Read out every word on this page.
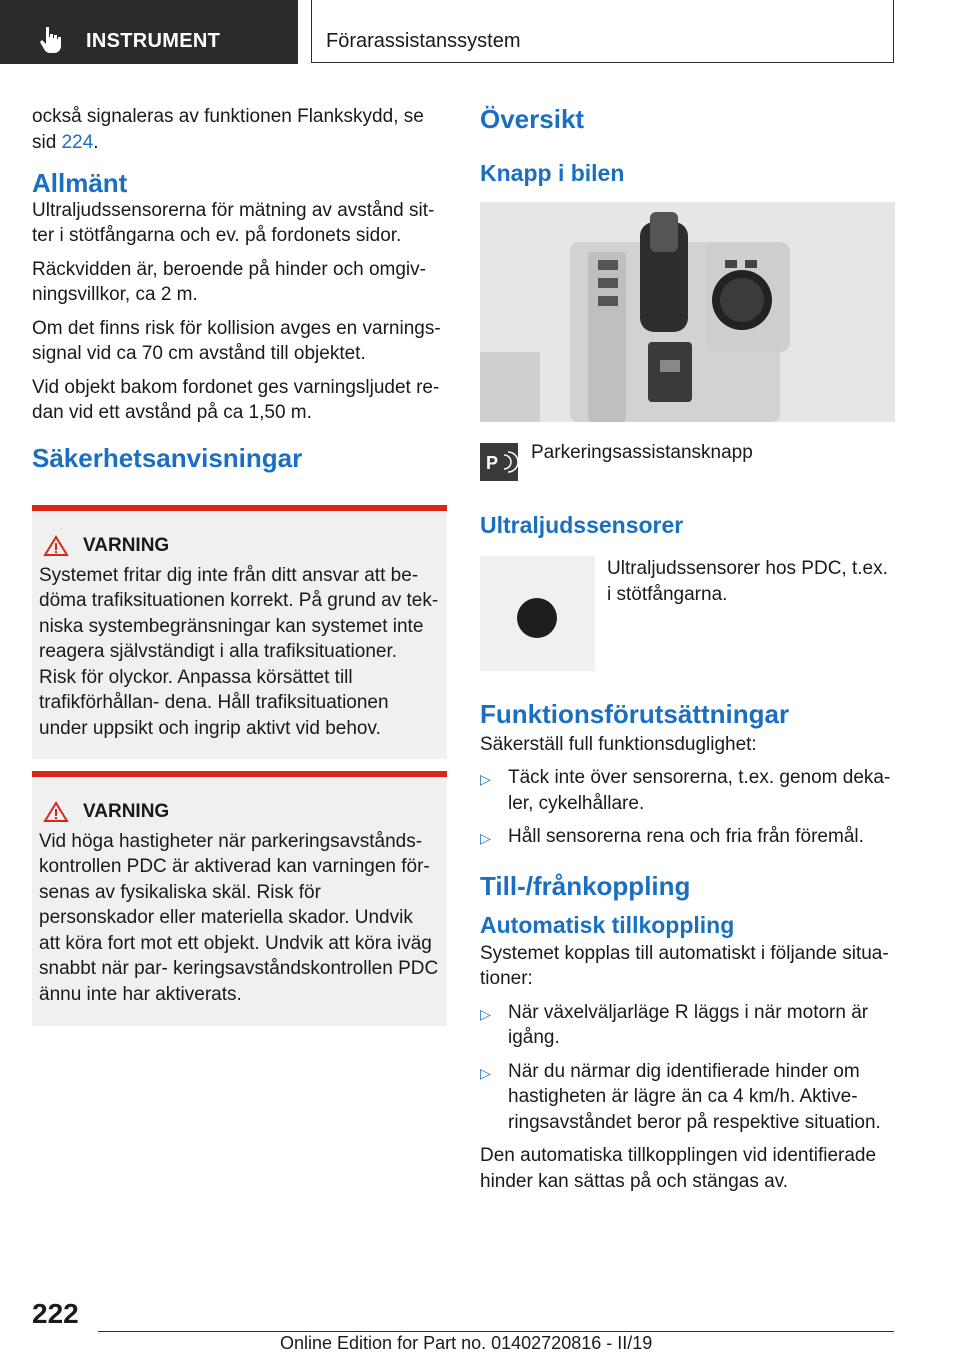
INSTRUMENT	Förarassistanssystem

också signaleras av funktionen Flankskydd, se sid 224.

Allmänt

Ultraljudssensorerna för mätning av avstånd sit- ter i stötfångarna och ev. på fordonets sidor.

Räckvidden är, beroende på hinder och omgiv- ningsvillkor, ca 2 m.

Om det finns risk för kollision avges en varnings- signal vid ca 70 cm avstånd till objektet.

Vid objekt bakom fordonet ges varningsljudet re- dan vid ett avstånd på ca 1,50 m.

Säkerhetsanvisningar

VARNING

Systemet fritar dig inte från ditt ansvar att be- döma trafiksituationen korrekt. På grund av tek- niska systembegränsningar kan systemet inte reagera självständigt i alla trafiksituationer. Risk för olyckor. Anpassa körsättet till trafikförhållan- dena. Håll trafiksituationen under uppsikt och ingrip aktivt vid behov.

VARNING

Vid höga hastigheter när parkeringsavstånds- kontrollen PDC är aktiverad kan varningen för- senas av fysikaliska skäl. Risk för personskador eller materiella skador. Undvik att köra fort mot ett objekt. Undvik att köra iväg snabbt när par- keringsavståndskontrollen PDC ännu inte har aktiverats.

Översikt

Knapp i bilen

P Parkeringsassistansknapp

Ultraljudssensorer

Ultraljudssensorer hos PDC, t.ex. i stötfångarna.

Funktionsförutsättningar

Säkerställ full funktionsduglighet:

▷ Täck inte över sensorerna, t.ex. genom deka- ler, cykelhållare.
▷ Håll sensorerna rena och fria från föremål.

Till-/frånkoppling

Automatisk tillkoppling

Systemet kopplas till automatiskt i följande situa- tioner:

▷ När växelväljarläge R läggs i när motorn är igång.
▷ När du närmar dig identifierade hinder om hastigheten är lägre än ca 4 km/h. Aktive- ringsavståndet beror på respektive situation.

Den automatiska tillkopplingen vid identifierade hinder kan sättas på och stängas av.

222
Online Edition for Part no. 01402720816 - II/19
